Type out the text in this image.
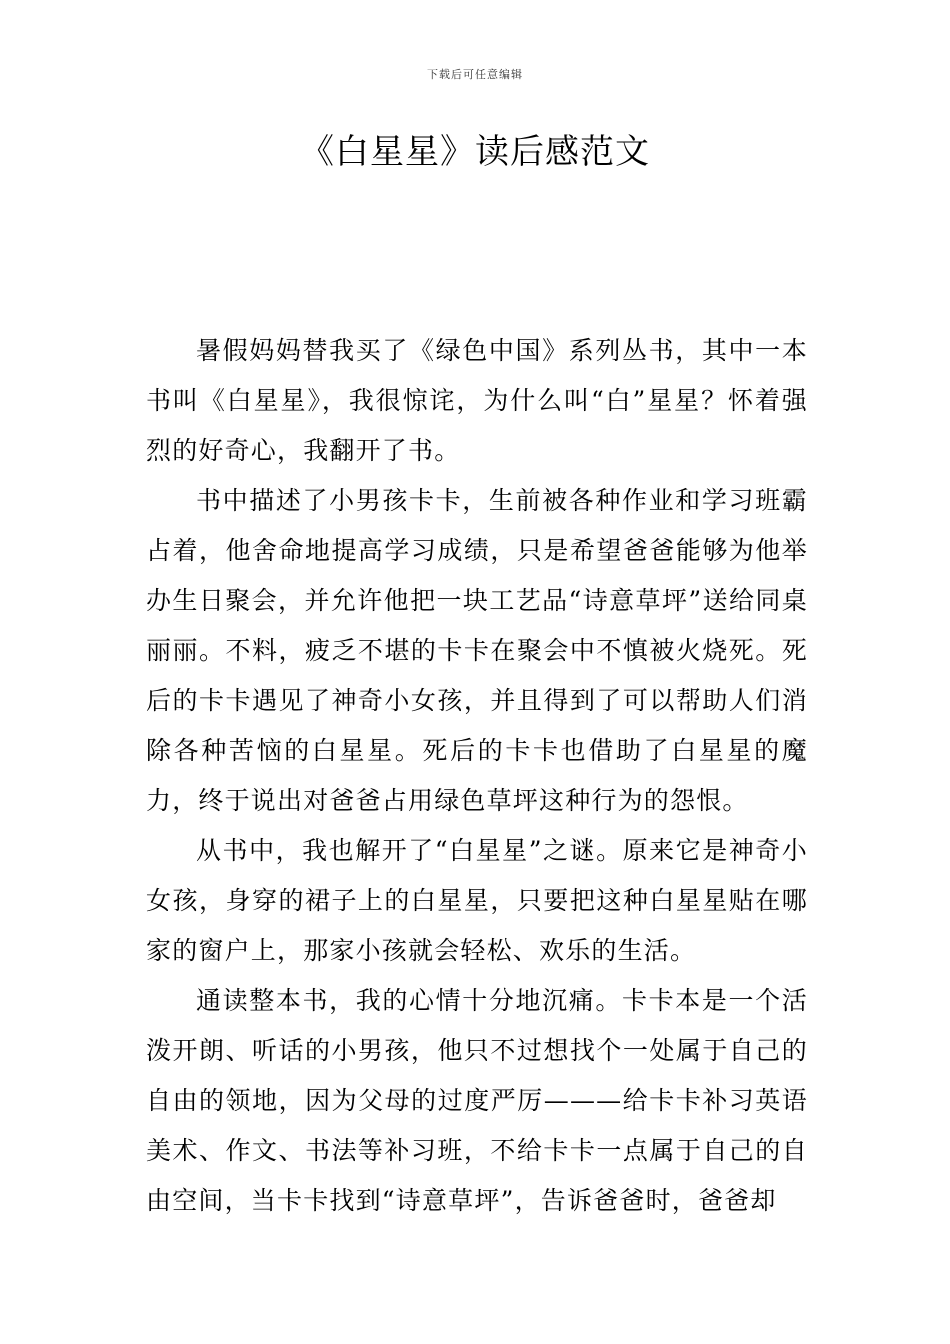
下载后可任意编辑
《白星星》读后感范文

暑假妈妈替我买了《绿色中国》系列丛书，其中一本书叫《白星星》，我很惊诧，为什么叫“白”星星？怀着强烈的好奇心，我翻开了书。

书中描述了小男孩卡卡，生前被各种作业和学习班霸占着，他舍命地提高学习成绩，只是希望爸爸能够为他举办生日聚会，并允许他把一块工艺品“诗意草坪”送给同桌丽丽。不料，疲乏不堪的卡卡在聚会中不慎被火烧死。死后的卡卡遇见了神奇小女孩，并且得到了可以帮助人们消除各种苦恼的白星星。死后的卡卡也借助了白星星的魔力，终于说出对爸爸占用绿色草坪这种行为的怨恨。

从书中，我也解开了“白星星”之谜。原来它是神奇小女孩，身穿的裙子上的白星星，只要把这种白星星贴在哪家的窗户上，那家小孩就会轻松、欢乐的生活。

通读整本书，我的心情十分地沉痛。卡卡本是一个活泼开朗、听话的小男孩，他只不过想找个一处属于自己的自由的领地，因为父母的过度严厉———给卡卡补习英语美术、作文、书法等补习班，不给卡卡一点属于自己的自由空间，当卡卡找到“诗意草坪”，告诉爸爸时，爸爸却
